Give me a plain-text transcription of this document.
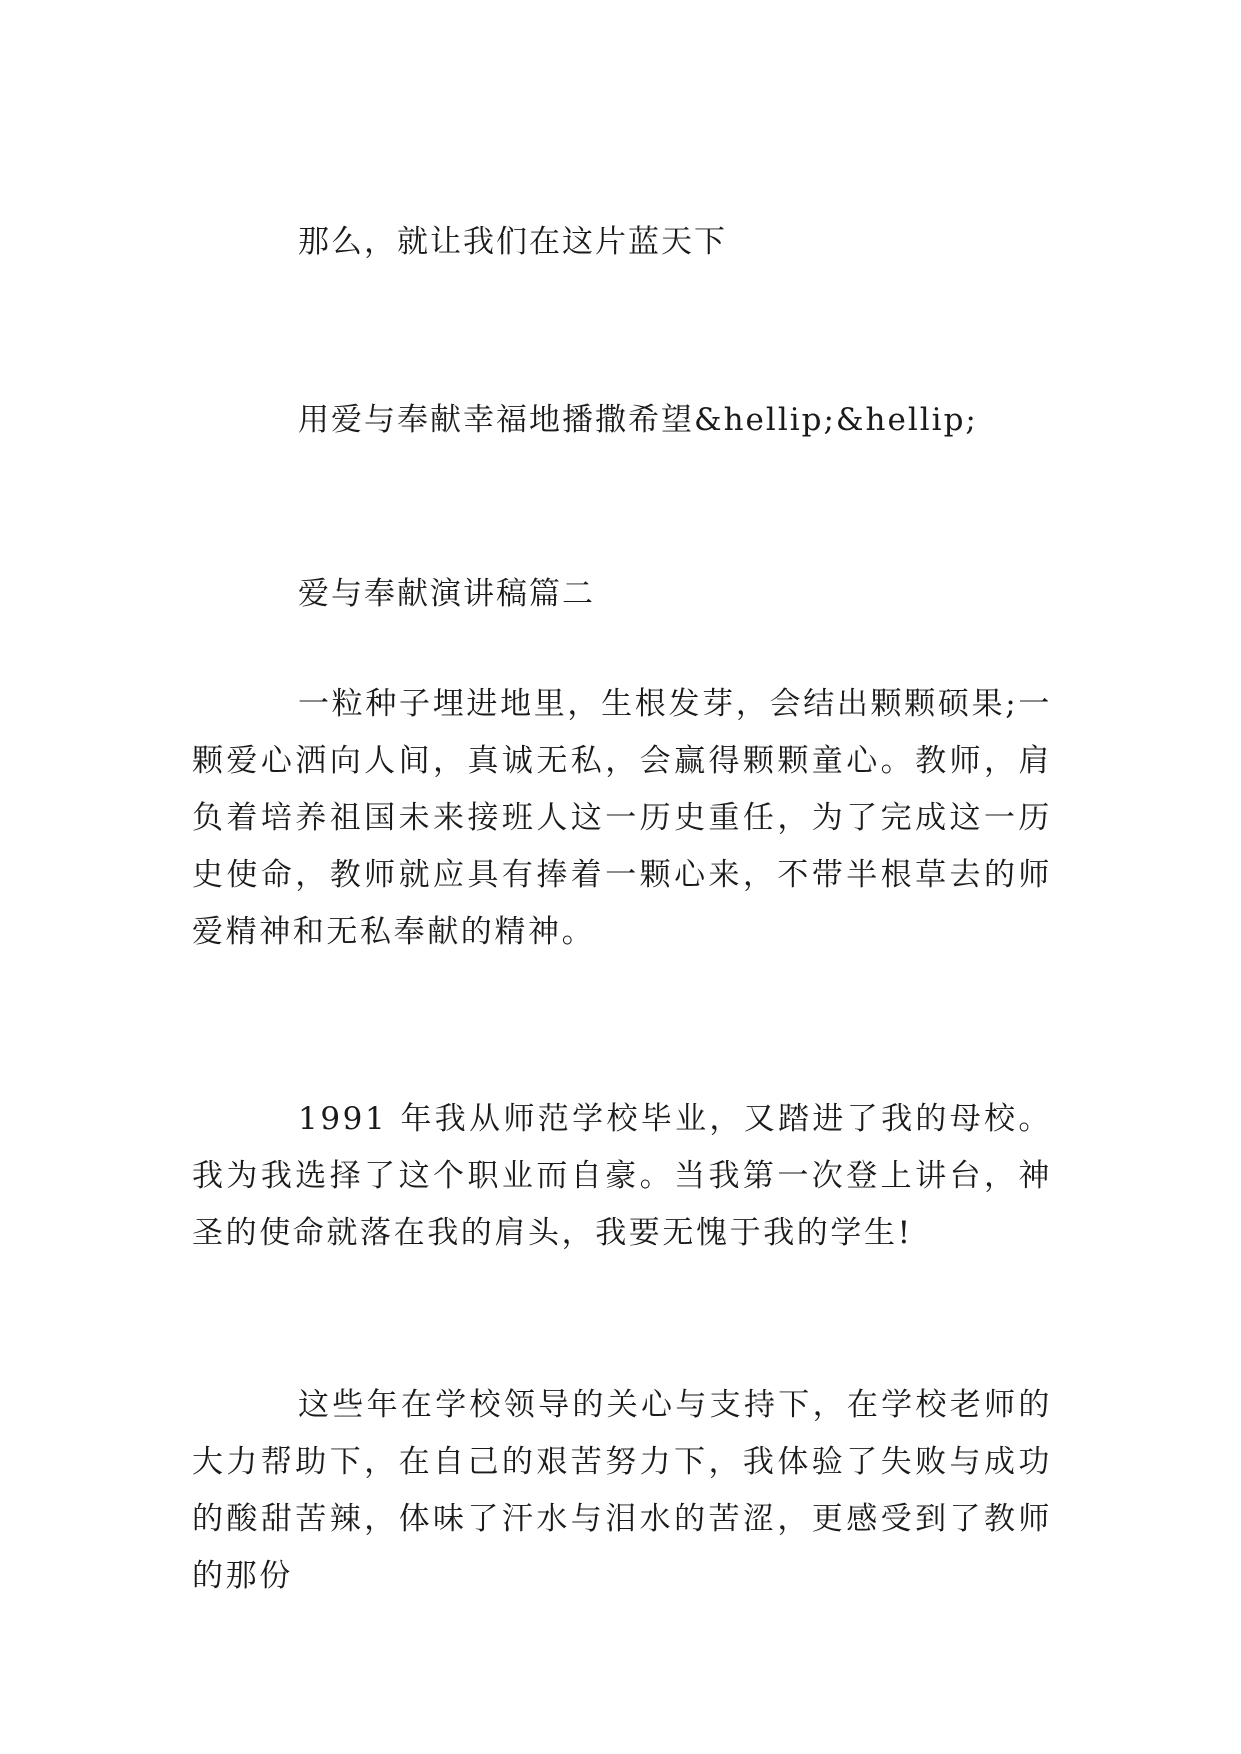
那么，就让我们在这片蓝天下
用爱与奉献幸福地播撒希望&hellip;&hellip;
爱与奉献演讲稿篇二

一粒种子埋进地里，生根发芽，会结出颗颗硕果;一颗爱心洒向人间，真诚无私，会赢得颗颗童心。教师，肩负着培养祖国未来接班人这一历史重任，为了完成这一历史使命，教师就应具有捧着一颗心来，不带半根草去的师爱精神和无私奉献的精神。

1991 年我从师范学校毕业，又踏进了我的母校。我为我选择了这个职业而自豪。当我第一次登上讲台，神圣的使命就落在我的肩头，我要无愧于我的学生!

这些年在学校领导的关心与支持下，在学校老师的大力帮助下，在自己的艰苦努力下，我体验了失败与成功的酸甜苦辣，体味了汗水与泪水的苦涩，更感受到了教师的那份
